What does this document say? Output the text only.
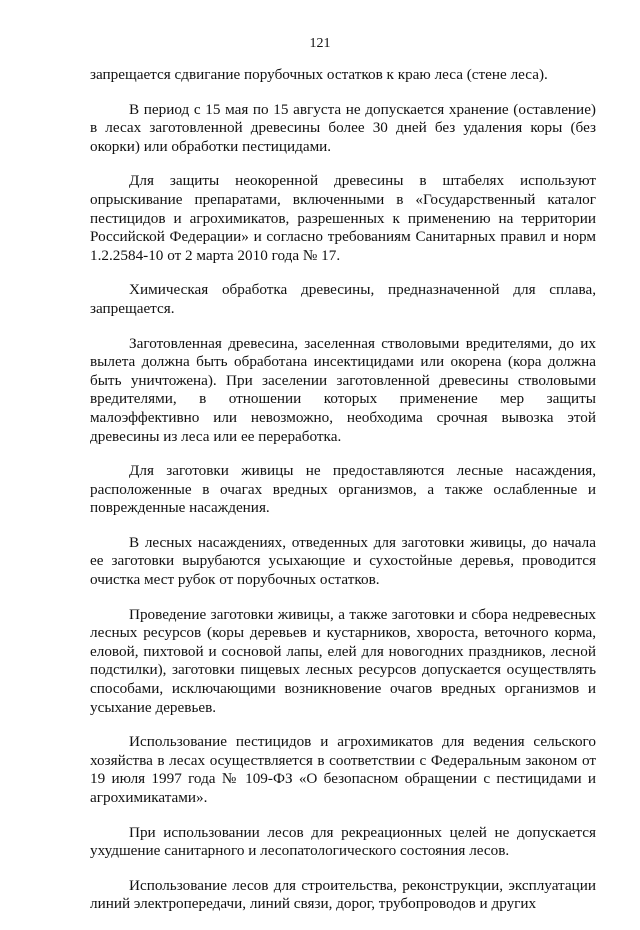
121

запрещается сдвигание порубочных остатков к краю леса (стене леса).

В период с 15 мая по 15 августа не допускается хранение (оставление) в лесах заготовленной древесины более 30 дней без удаления коры (без окорки) или обработки пестицидами.

Для защиты неокоренной древесины в штабелях используют опрыскивание препаратами, включенными в «Государственный каталог пестицидов и агрохимикатов, разрешенных к применению на территории Российской Федерации» и согласно требованиям Санитарных правил и норм 1.2.2584-10 от 2 марта 2010 года № 17.

Химическая обработка древесины, предназначенной для сплава, запрещается.

Заготовленная древесина, заселенная стволовыми вредителями, до их вылета должна быть обработана инсектицидами или окорена (кора должна быть уничтожена). При заселении заготовленной древесины стволовыми вредителями, в отношении которых применение мер защиты малоэффективно или невозможно, необходима срочная вывозка этой древесины из леса или ее переработка.

Для заготовки живицы не предоставляются лесные насаждения, расположенные в очагах вредных организмов, а также ослабленные и поврежденные насаждения.

В лесных насаждениях, отведенных для заготовки живицы, до начала ее заготовки вырубаются усыхающие и сухостойные деревья, проводится очистка мест рубок от порубочных остатков.

Проведение заготовки живицы, а также заготовки и сбора недревесных лесных ресурсов (коры деревьев и кустарников, хвороста, веточного корма, еловой, пихтовой и сосновой лапы, елей для новогодних праздников, лесной подстилки), заготовки пищевых лесных ресурсов допускается осуществлять способами, исключающими возникновение очагов вредных организмов и усыхание деревьев.

Использование пестицидов и агрохимикатов для ведения сельского хозяйства в лесах осуществляется в соответствии с Федеральным законом от 19 июля 1997 года № 109-ФЗ «О безопасном обращении с пестицидами и агрохимикатами».

При использовании лесов для рекреационных целей не допускается ухудшение санитарного и лесопатологического состояния лесов.

Использование лесов для строительства, реконструкции, эксплуатации линий электропередачи, линий связи, дорог, трубопроводов и других
